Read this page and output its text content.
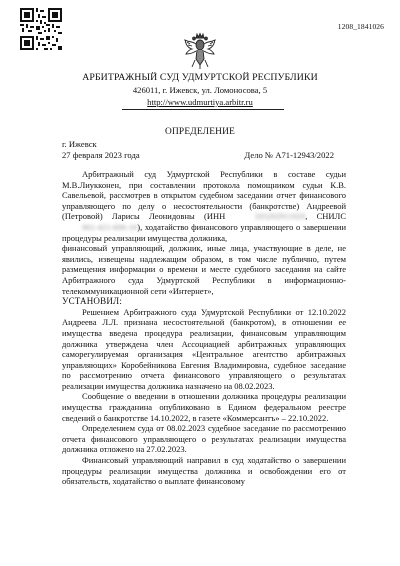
1208_1841026
АРБИТРАЖНЫЙ СУД УДМУРТСКОЙ РЕСПУБЛИКИ
426011, г. Ижевск, ул. Ломоносова, 5
http://www.udmurtiya.arbitr.ru
ОПРЕДЕЛЕНИЕ
г. Ижевск
27 февраля 2023 года	Дело № А71-12943/2022

Арбитражный суд Удмуртской Республики в составе судьи М.В.Лиукконен, при составлении протокола помощником судьи К.В. Савельевой, рассмотрев в открытом судебном заседании отчет финансового управляющего по делу о несостоятельности (банкротстве) Андреевой (Петровой) Ларисы Леонидовны (ИНН 183202911020, СНИЛС 061-421-606-16), ходатайство финансового управляющего о завершении процедуры реализации имущества должника,

финансовый управляющий, должник, иные лица, участвующие в деле, не явились, извещены надлежащим образом, в том числе публично, путем размещения информации о времени и месте судебного заседания на сайте Арбитражного суда Удмуртской Республики в информационно-телекоммуникационной сети «Интернет»,

УСТАНОВИЛ:

Решением Арбитражного суда Удмуртской Республики от 12.10.2022 Андреева Л.Л. признана несостоятельной (банкротом), в отношении ее имущества введена процедура реализации, финансовым управляющим должника утверждена член Ассоциацией арбитражных управляющих саморегулируемая организация «Центральное агентство арбитражных управляющих» Коробейникова Евгения Владимировна, судебное заседание по рассмотрению отчета финансового управляющего о результатах реализации имущества должника назначено на 08.02.2023.

Сообщение о введении в отношении должника процедуры реализации имущества гражданина опубликовано в Едином федеральном реестре сведений о банкротстве 14.10.2022, в газете «Коммерсантъ» – 22.10.2022.

Определением суда от 08.02.2023 судебное заседание по рассмотрению отчета финансового управляющего о результатах реализации имущества должника отложено на 27.02.2023.

Финансовый управляющий направил в суд ходатайство о завершении процедуры реализации имущества должника и освобождении его от обязательств, ходатайство о выплате финансовому
